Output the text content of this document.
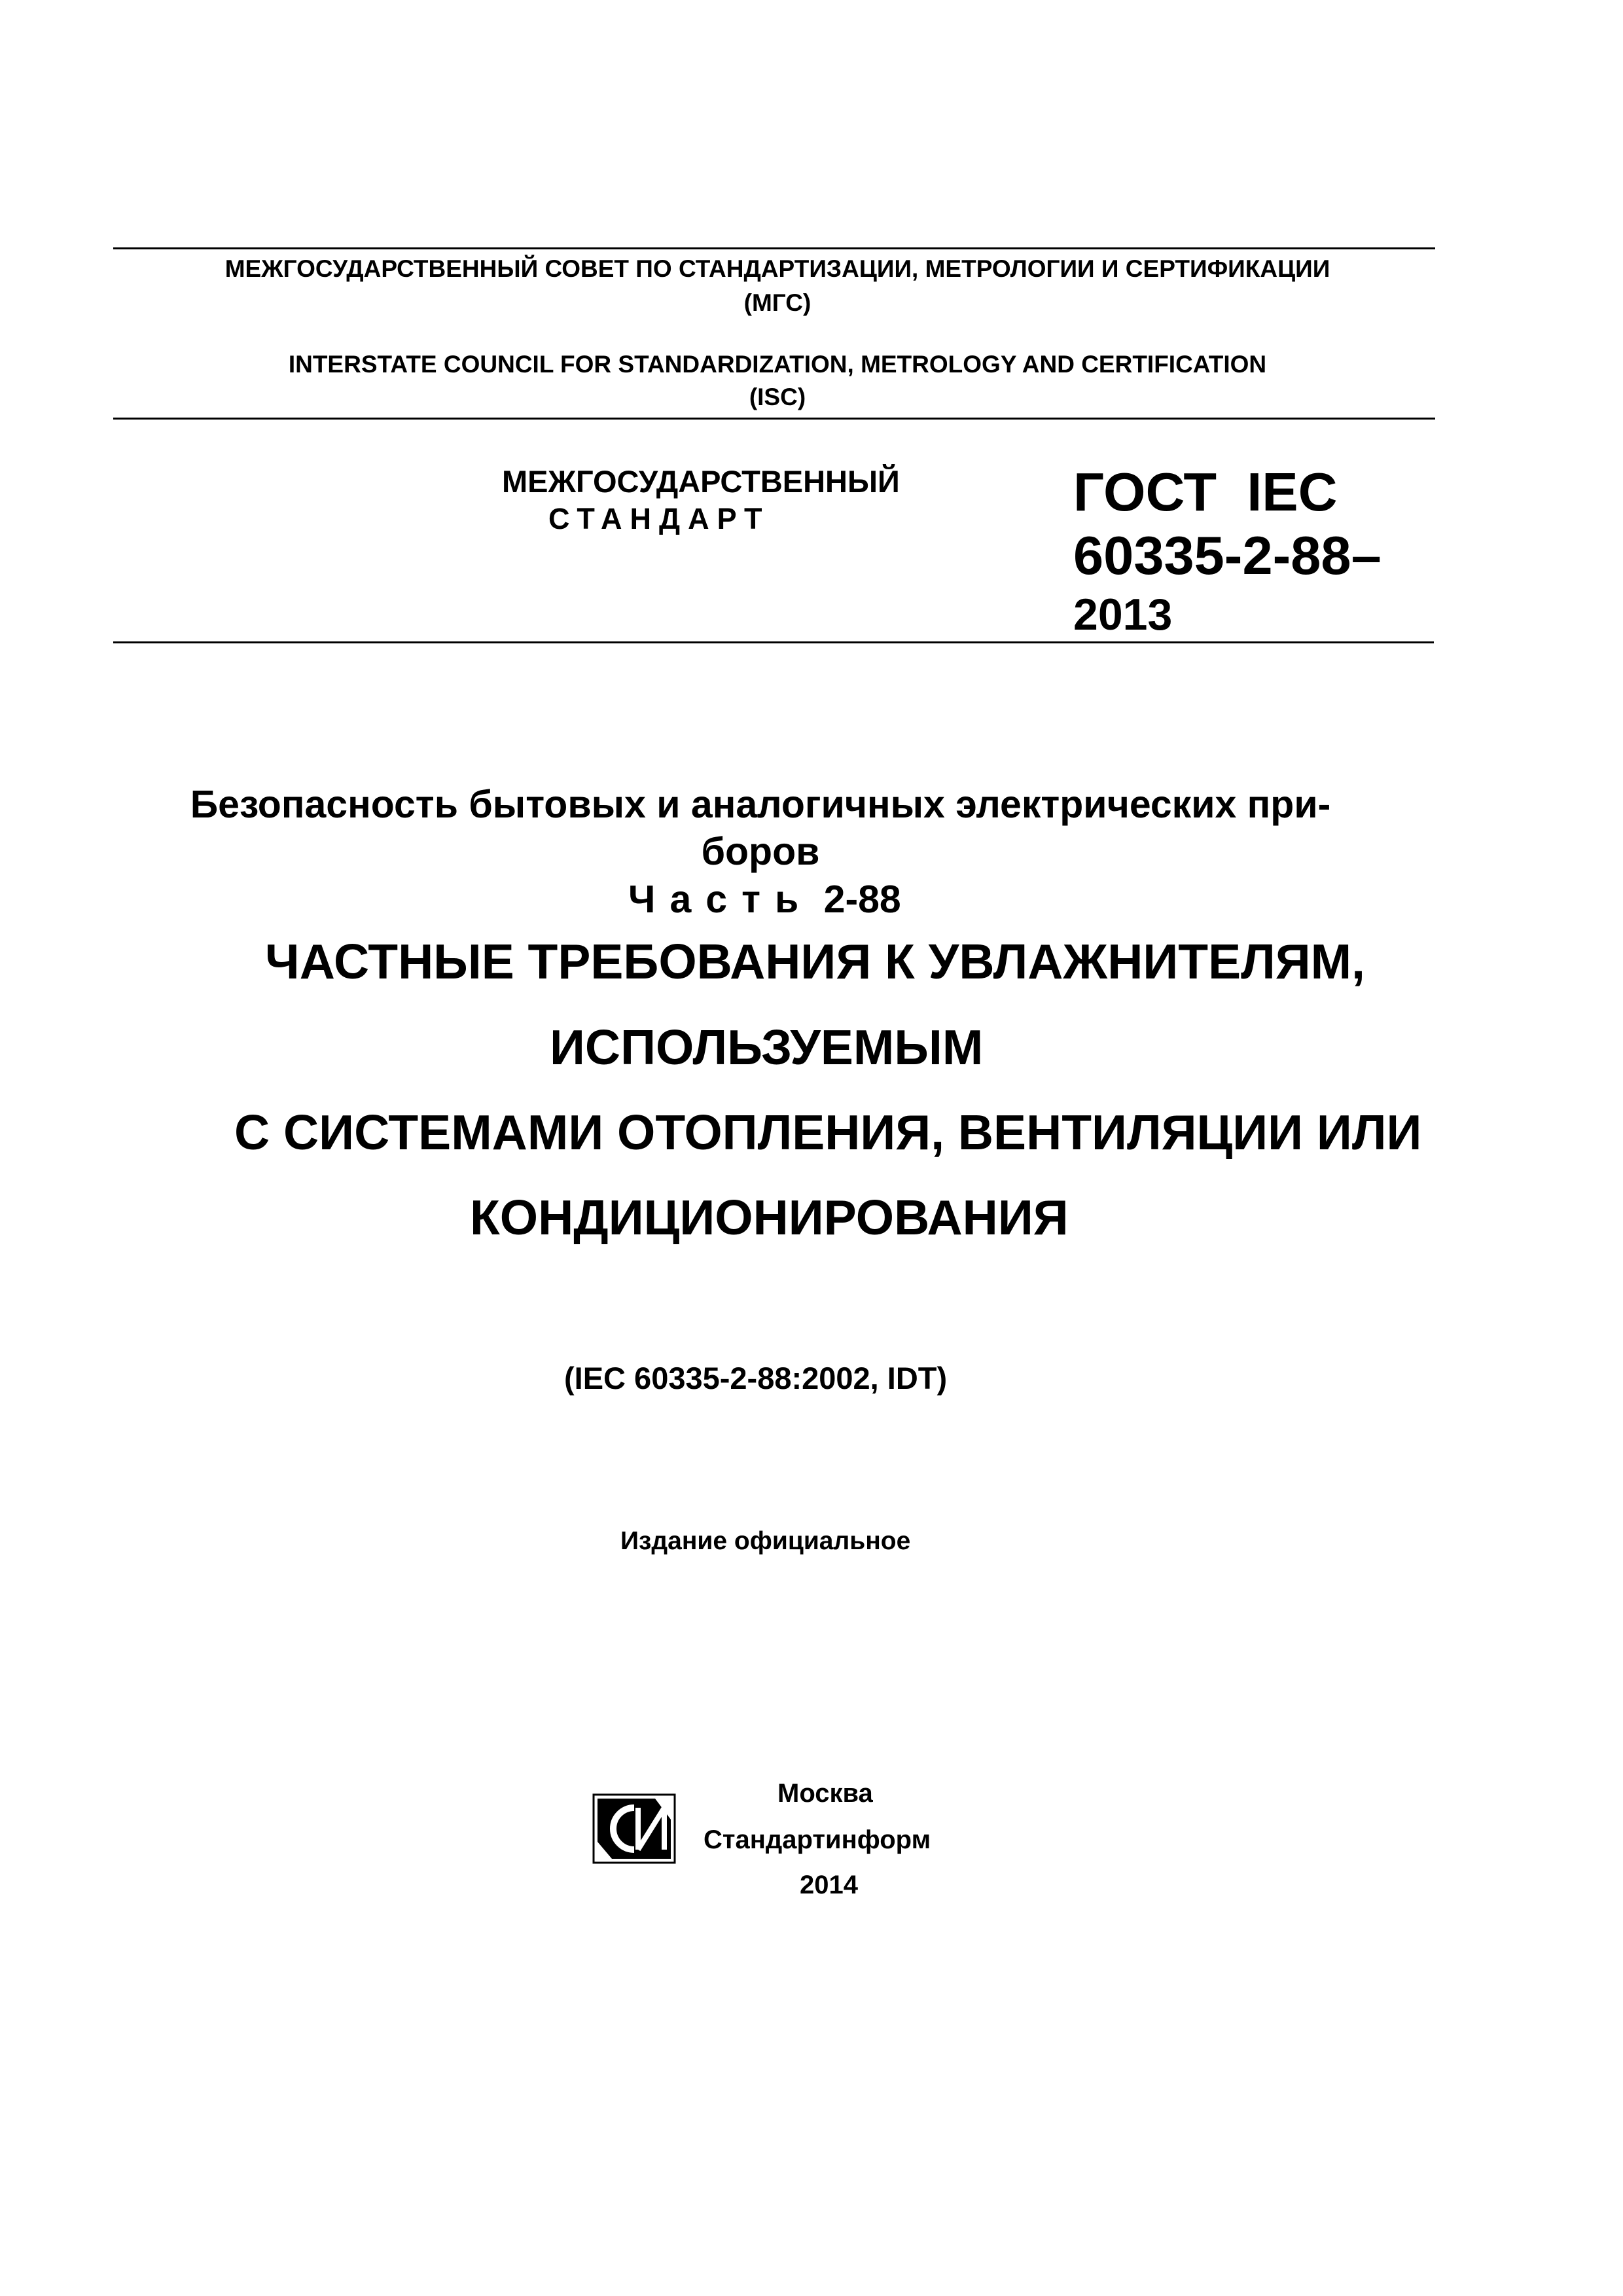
МЕЖГОСУДАРСТВЕННЫЙ СОВЕТ ПО СТАНДАРТИЗАЦИИ, МЕТРОЛОГИИ И СЕРТИФИКАЦИИ
(МГС)
INTERSTATE COUNCIL FOR STANDARDIZATION, METROLOGY AND CERTIFICATION
(ISC)
МЕЖГОСУДАРСТВЕННЫЙ
СТАНДАРТ	ГОСТ  IEC
60335-2-88–
2013
Безопасность бытовых и аналогичных электрических при-
боров
Часть 2-88
ЧАСТНЫЕ ТРЕБОВАНИЯ К УВЛАЖНИТЕЛЯМ,
ИСПОЛЬЗУЕМЫМ
С СИСТЕМАМИ ОТОПЛЕНИЯ, ВЕНТИЛЯЦИИ ИЛИ
КОНДИЦИОНИРОВАНИЯ
(IEC 60335-2-88:2002, IDT)
Издание официальное
Москва
Стандартинформ
2014
